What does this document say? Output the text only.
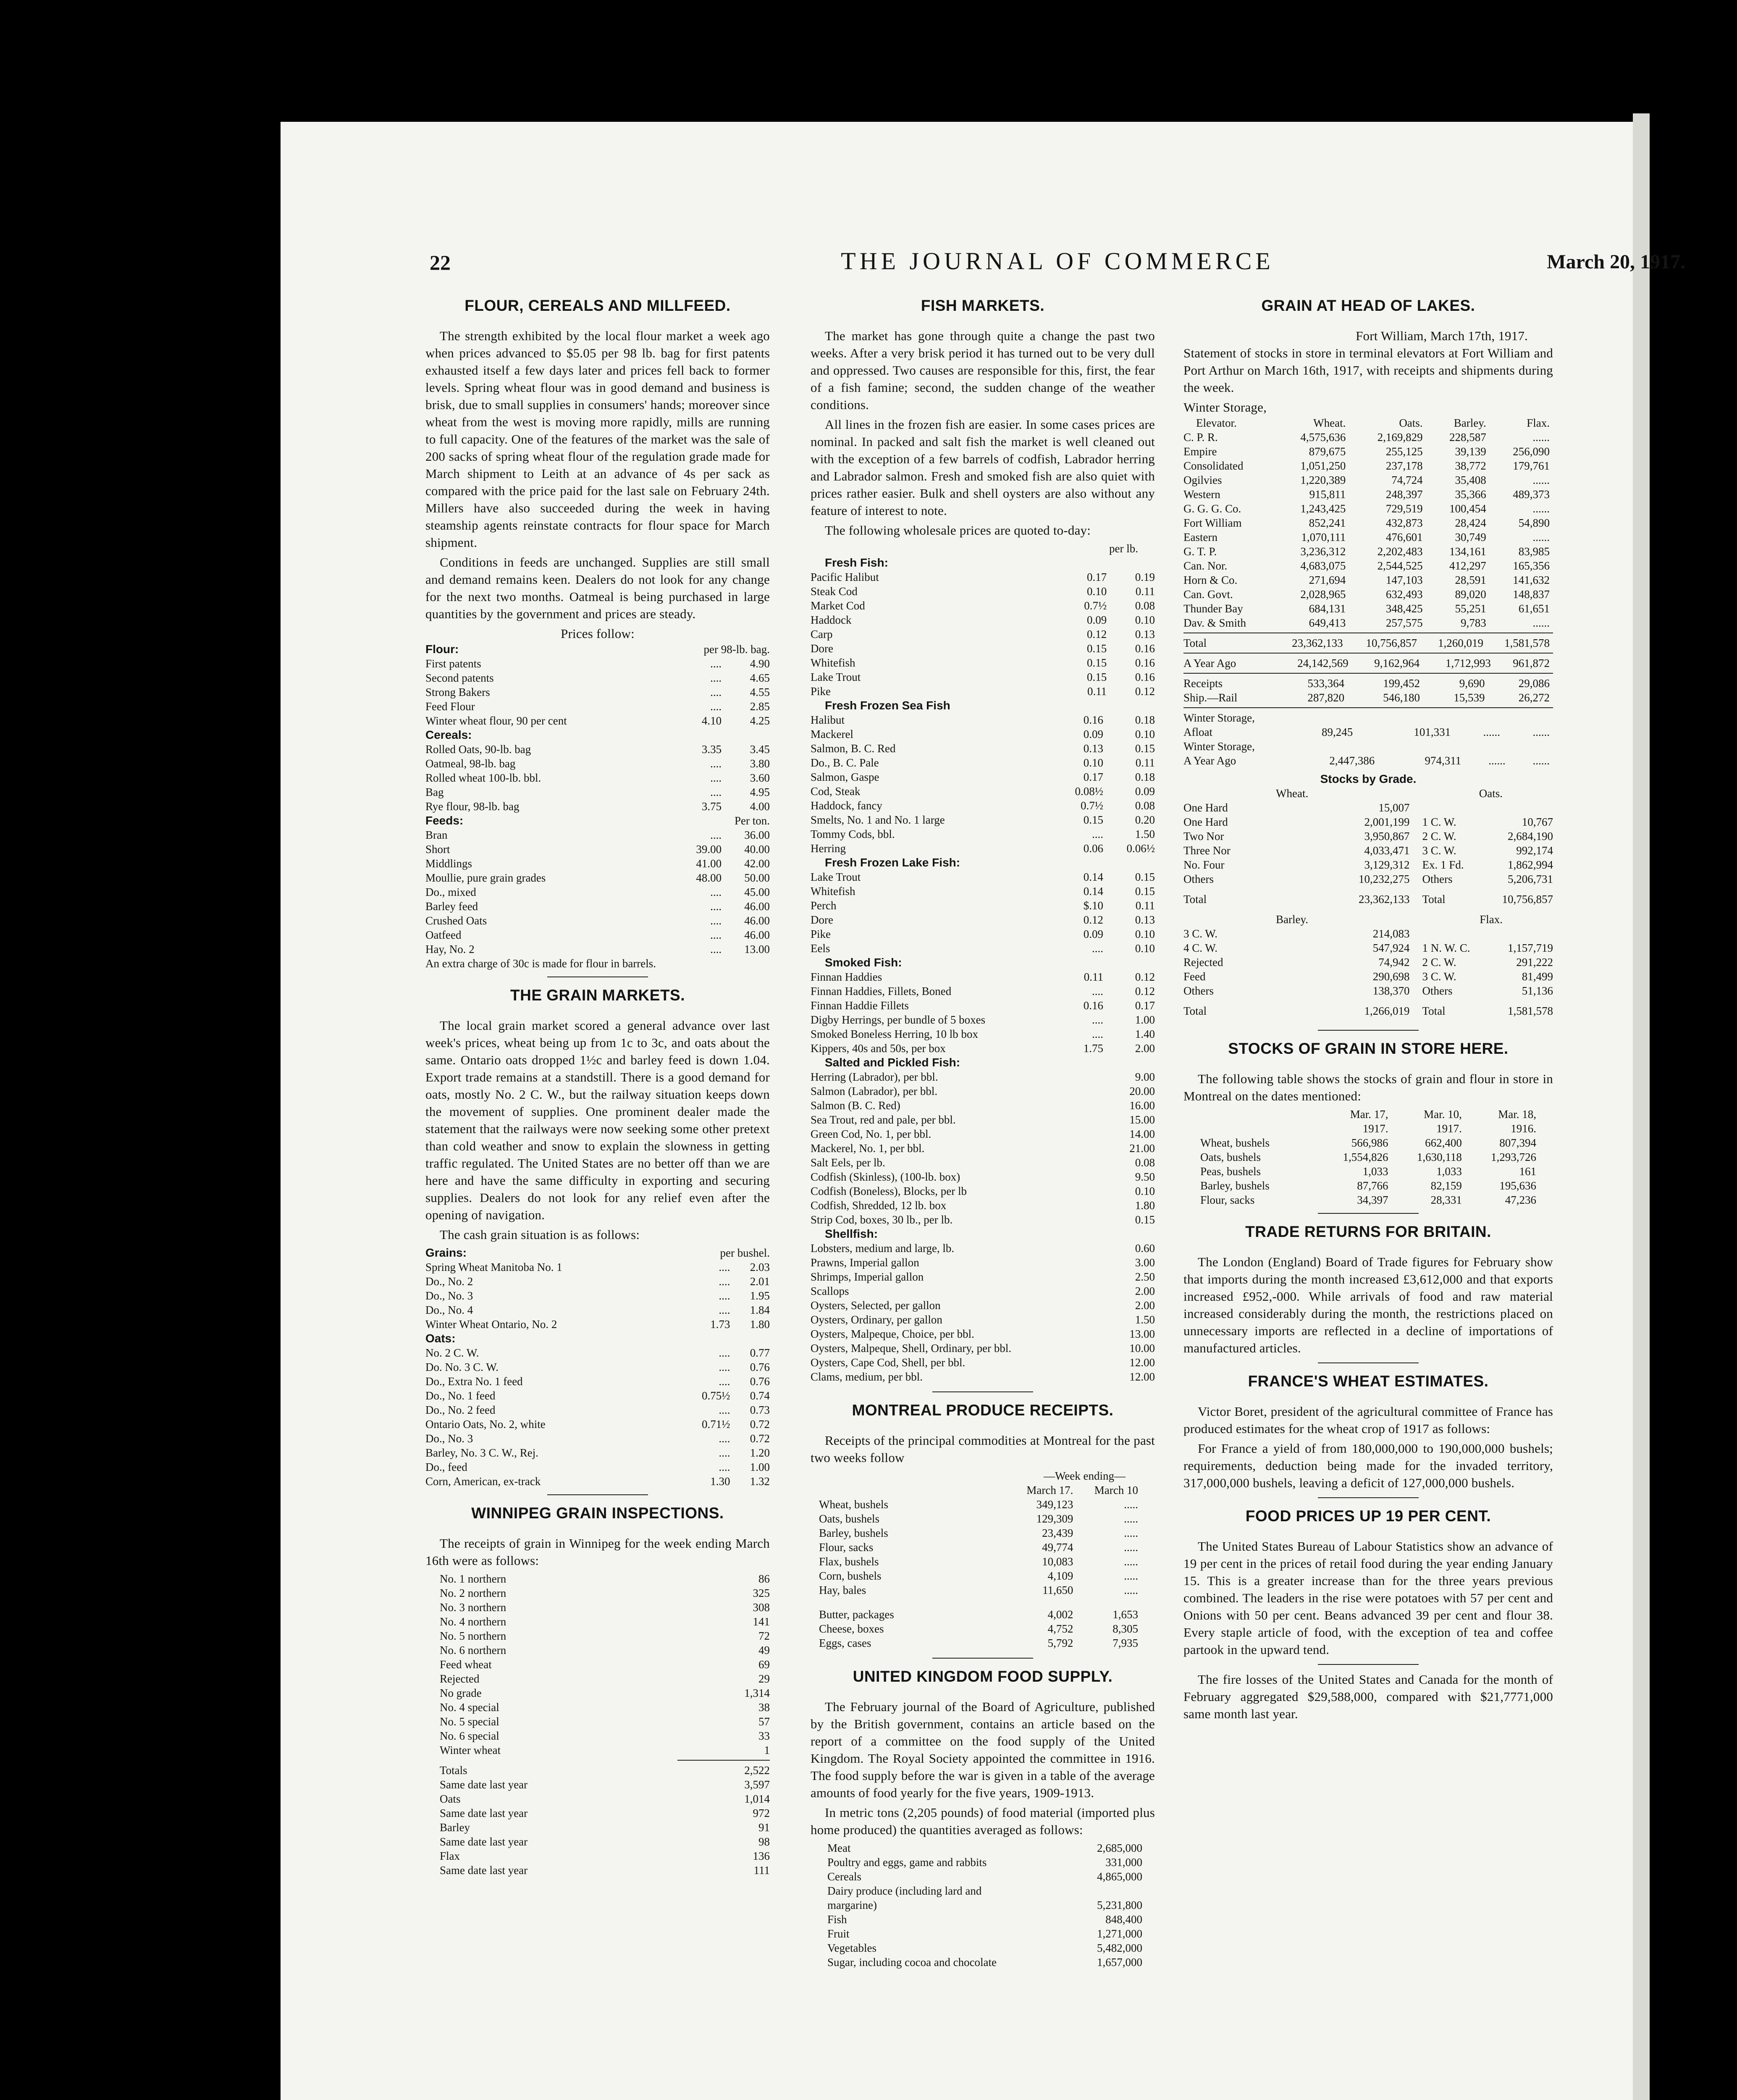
22	THE JOURNAL OF COMMERCE	March 20, 1917.
FLOUR, CEREALS AND MILLFEED.

The strength exhibited by the local flour market a week ago when prices advanced to $5.05 per 98 lb. bag for first patents exhausted itself a few days later and prices fell back to former levels. Spring wheat flour was in good demand and business is brisk, due to small supplies in consumers' hands; moreover since wheat from the west is moving more rapidly, mills are running to full capacity. One of the features of the market was the sale of 200 sacks of spring wheat flour of the regulation grade made for March shipment to Leith at an advance of 4s per sack as compared with the price paid for the last sale on February 24th. Millers have also succeeded during the week in having steamship agents reinstate contracts for flour space for March shipment.

Conditions in feeds are unchanged. Supplies are still small and demand remains keen. Dealers do not look for any change for the next two months. Oatmeal is being purchased in large quantities by the government and prices are steady.

Prices follow:
Flour:	per 98-lb. bag.	
First patents	....	4.90
Second patents	....	4.65
Strong Bakers	....	4.55
Feed Flour	....	2.85
Winter wheat flour, 90 per cent	4.10	4.25
Cereals:		
Rolled Oats, 90-lb. bag	3.35	3.45
Oatmeal, 98-lb. bag	....	3.80
Rolled wheat 100-lb. bbl.	....	3.60
Bag	....	4.95
Rye flour, 98-lb. bag	3.75	4.00
Feeds:	Per ton.	
Bran	....	36.00
Short	39.00	40.00
Middlings	41.00	42.00
Moullie, pure grain grades	48.00	50.00
Do., mixed	....	45.00
Barley feed	....	46.00
Crushed Oats	....	46.00
Oatfeed	....	46.00
Hay, No. 2	....	13.00
An extra charge of 30c is made for flour in barrels.
THE GRAIN MARKETS.

The local grain market scored a general advance over last week's prices, wheat being up from 1c to 3c, and oats about the same. Ontario oats dropped 1½c and barley feed is down 1.04. Export trade remains at a standstill. There is a good demand for oats, mostly No. 2 C. W., but the railway situation keeps down the movement of supplies. One prominent dealer made the statement that the railways were now seeking some other pretext than cold weather and snow to explain the slowness in getting traffic regulated. The United States are no better off than we are here and have the same difficulty in exporting and securing supplies. Dealers do not look for any relief even after the opening of navigation.

The cash grain situation is as follows:

Grains:	per bushel.	
Spring Wheat Manitoba No. 1	....	2.03
Do., No. 2	....	2.01
Do., No. 3	....	1.95
Do., No. 4	....	1.84
Winter Wheat Ontario, No. 2	1.73	1.80
Oats:		
No. 2 C. W.	....	0.77
Do. No. 3 C. W.	....	0.76
Do., Extra No. 1 feed	....	0.76
Do., No. 1 feed	0.75½	0.74
Do., No. 2 feed	....	0.73
Ontario Oats, No. 2, white	0.71½	0.72
Do., No. 3	....	0.72
Barley, No. 3 C. W., Rej.	....	1.20
Do., feed	....	1.00
Corn, American, ex-track	1.30	1.32
WINNIPEG GRAIN INSPECTIONS.

The receipts of grain in Winnipeg for the week ending March 16th were as follows:

No. 1 northern	86
No. 2 northern	325
No. 3 northern	308
No. 4 northern	141
No. 5 northern	72
No. 6 northern	49
Feed wheat	69
Rejected	29
No grade	1,314
No. 4 special	38
No. 5 special	57
No. 6 special	33
Winter wheat	1
Totals	2,522
Same date last year	3,597
Oats	1,014
Same date last year	972
Barley	91
Same date last year	98
Flax	136
Same date last year	111
FISH MARKETS.

The market has gone through quite a change the past two weeks. After a very brisk period it has turned out to be very dull and oppressed. Two causes are responsible for this, first, the fear of a fish famine; second, the sudden change of the weather conditions.

All lines in the frozen fish are easier. In some cases prices are nominal. In packed and salt fish the market is well cleaned out with the exception of a few barrels of codfish, Labrador herring and Labrador salmon. Fresh and smoked fish are also quiet with prices rather easier. Bulk and shell oysters are also without any feature of interest to note.

The following wholesale prices are quoted to-day:

per lb.
Fresh Fish:
Pacific Halibut	0.17	0.19
Steak Cod	0.10	0.11
Market Cod	0.7½	0.08
Haddock	0.09	0.10
Carp	0.12	0.13
Dore	0.15	0.16
Whitefish	0.15	0.16
Lake Trout	0.15	0.16
Pike	0.11	0.12
Fresh Frozen Sea Fish
Halibut	0.16	0.18
Mackerel	0.09	0.10
Salmon, B. C. Red	0.13	0.15
Do., B. C. Pale	0.10	0.11
Salmon, Gaspe	0.17	0.18
Cod, Steak	0.08½	0.09
Haddock, fancy	0.7½	0.08
Smelts, No. 1 and No. 1 large	0.15	0.20
Tommy Cods, bbl.	....	1.50
Herring	0.06	0.06½
Fresh Frozen Lake Fish:
Lake Trout	0.14	0.15
Whitefish	0.14	0.15
Perch	$.10	0.11
Dore	0.12	0.13
Pike	0.09	0.10
Eels	....	0.10
Smoked Fish:
Finnan Haddies	0.11	0.12
Finnan Haddies, Fillets, Boned	....	0.12
Finnan Haddie Fillets	0.16	0.17
Digby Herrings, per bundle of 5 boxes	....	1.00
Smoked Boneless Herring, 10 lb box	....	1.40
Kippers, 40s and 50s, per box	1.75	2.00
Salted and Pickled Fish:
Herring (Labrador), per bbl.		9.00
Salmon (Labrador), per bbl.		20.00
Salmon (B. C. Red)		16.00
Sea Trout, red and pale, per bbl.		15.00
Green Cod, No. 1, per bbl.		14.00
Mackerel, No. 1, per bbl.		21.00
Salt Eels, per lb.		0.08
Codfish (Skinless), (100-lb. box)		9.50
Codfish (Boneless), Blocks, per lb		0.10
Codfish, Shredded, 12 lb. box		1.80
Strip Cod, boxes, 30 lb., per lb.		0.15
Shellfish:
Lobsters, medium and large, lb.		0.60
Prawns, Imperial gallon		3.00
Shrimps, Imperial gallon		2.50
Scallops		2.00
Oysters, Selected, per gallon		2.00
Oysters, Ordinary, per gallon		1.50
Oysters, Malpeque, Choice, per bbl.		13.00
Oysters, Malpeque, Shell, Ordinary, per bbl.		10.00
Oysters, Cape Cod, Shell, per bbl.		12.00
Clams, medium, per bbl.		12.00
MONTREAL PRODUCE RECEIPTS.

Receipts of the principal commodities at Montreal for the past two weeks follow

—Week ending—
	March 17.	March 10
Wheat, bushels	349,123	.....
Oats, bushels	129,309	.....
Barley, bushels	23,439	.....
Flour, sacks	49,774	.....
Flax, bushels	10,083	.....
Corn, bushels	4,109	.....
Hay, bales	11,650	.....

Butter, packages	4,002	1,653
Cheese, boxes	4,752	8,305
Eggs, cases	5,792	7,935
UNITED KINGDOM FOOD SUPPLY.

The February journal of the Board of Agriculture, published by the British government, contains an article based on the report of a committee on the food supply of the United Kingdom. The Royal Society appointed the committee in 1916. The food supply before the war is given in a table of the average amounts of food yearly for the five years, 1909-1913.

In metric tons (2,205 pounds) of food material (imported plus home produced) the quantities averaged as follows:

Meat	2,685,000
Poultry and eggs, game and rabbits	331,000
Cereals	4,865,000
Dairy produce (including lard and	
margarine)	5,231,800
Fish	848,400
Fruit	1,271,000
Vegetables	5,482,000
Sugar, including cocoa and chocolate	1,657,000
GRAIN AT HEAD OF LAKES.
Fort William, March 17th, 1917.

Statement of stocks in store in terminal elevators at Fort William and Port Arthur on March 16th, 1917, with receipts and shipments during the week.

Winter Storage,
Elevator.	Wheat.	Oats.	Barley.	Flax.
C. P. R.	4,575,636	2,169,829	228,587	......
Empire	879,675	255,125	39,139	256,090
Consolidated	1,051,250	237,178	38,772	179,761
Ogilvies	1,220,389	74,724	35,408	......
Western	915,811	248,397	35,366	489,373
G. G. G. Co.	1,243,425	729,519	100,454	......
Fort William	852,241	432,873	28,424	54,890
Eastern	1,070,111	476,601	30,749	......
G. T. P.	3,236,312	2,202,483	134,161	83,985
Can. Nor.	4,683,075	2,544,525	412,297	165,356
Horn & Co.	271,694	147,103	28,591	141,632
Can. Govt.	2,028,965	632,493	89,020	148,837
Thunder Bay	684,131	348,425	55,251	61,651
Dav. & Smith	649,413	257,575	9,783	......
Total	23,362,133	10,756,857	1,260,019	1,581,578
A Year Ago	24,142,569	9,162,964	1,712,993	961,872
Receipts	533,364	199,452	9,690	29,086
Ship.—Rail	287,820	546,180	15,539	26,272
Winter Storage,
Afloat	89,245	101,331	......	......
Winter Storage,
A Year Ago	2,447,386	974,311	......	......
Stocks by Grade.
Wheat.		Oats.	
One Hard	15,007		
One Hard	2,001,199	1 C. W.	10,767
Two Nor	3,950,867	2 C. W.	2,684,190
Three Nor	4,033,471	3 C. W.	992,174
No. Four	3,129,312	Ex. 1 Fd.	1,862,994
Others	10,232,275	Others	5,206,731
Total	23,362,133	Total	10,756,857
Barley.		Flax.	
3 C. W.	214,083		
4 C. W.	547,924	1 N. W. C.	1,157,719
Rejected	74,942	2 C. W.	291,222
Feed	290,698	3 C. W.	81,499
Others	138,370	Others	51,136
Total	1,266,019	Total	1,581,578
STOCKS OF GRAIN IN STORE HERE.

The following table shows the stocks of grain and flour in store in Montreal on the dates mentioned:

	Mar. 17,	Mar. 10,	Mar. 18,
	1917.	1917.	1916.
Wheat, bushels	566,986	662,400	807,394
Oats, bushels	1,554,826	1,630,118	1,293,726
Peas, bushels	1,033	1,033	161
Barley, bushels	87,766	82,159	195,636
Flour, sacks	34,397	28,331	47,236
TRADE RETURNS FOR BRITAIN.

The London (England) Board of Trade figures for February show that imports during the month increased £3,612,000 and that exports increased £952,-000. While arrivals of food and raw material increased considerably during the month, the restrictions placed on unnecessary imports are reflected in a decline of importations of manufactured articles.

FRANCE'S WHEAT ESTIMATES.

Victor Boret, president of the agricultural committee of France has produced estimates for the wheat crop of 1917 as follows:

For France a yield of from 180,000,000 to 190,000,000 bushels; requirements, deduction being made for the invaded territory, 317,000,000 bushels, leaving a deficit of 127,000,000 bushels.

FOOD PRICES UP 19 PER CENT.

The United States Bureau of Labour Statistics show an advance of 19 per cent in the prices of retail food during the year ending January 15. This is a greater increase than for the three years previous combined. The leaders in the rise were potatoes with 57 per cent and Onions with 50 per cent. Beans advanced 39 per cent and flour 38. Every staple article of food, with the exception of tea and coffee partook in the upward tend.

The fire losses of the United States and Canada for the month of February aggregated $29,588,000, compared with $21,7771,000 same month last year.
